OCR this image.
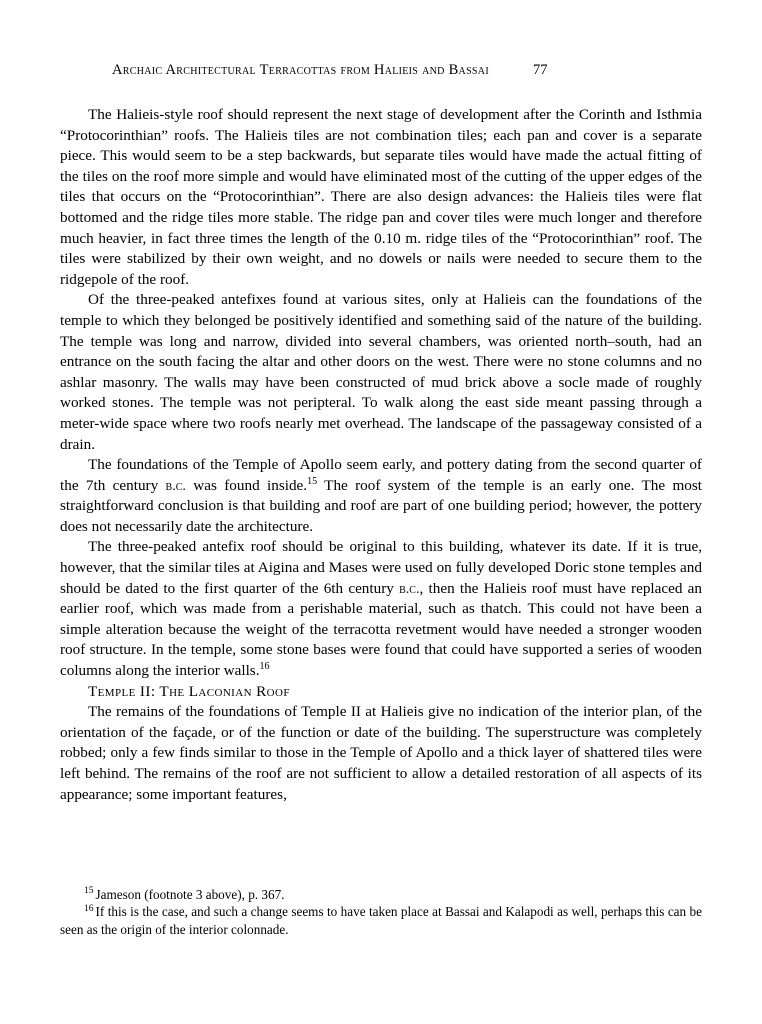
Archaic Architectural Terracottas from Halieis and Bassai	77

The Halieis-style roof should represent the next stage of development after the Corinth and Isthmia “Protocorinthian” roofs. The Halieis tiles are not combination tiles; each pan and cover is a separate piece. This would seem to be a step backwards, but separate tiles would have made the actual fitting of the tiles on the roof more simple and would have eliminated most of the cutting of the upper edges of the tiles that occurs on the “Protocorinthian”. There are also design advances: the Halieis tiles were flat bottomed and the ridge tiles more stable. The ridge pan and cover tiles were much longer and therefore much heavier, in fact three times the length of the 0.10 m. ridge tiles of the “Protocorinthian” roof. The tiles were stabilized by their own weight, and no dowels or nails were needed to secure them to the ridgepole of the roof.

Of the three-peaked antefixes found at various sites, only at Halieis can the foundations of the temple to which they belonged be positively identified and something said of the nature of the building. The temple was long and narrow, divided into several chambers, was oriented north–south, had an entrance on the south facing the altar and other doors on the west. There were no stone columns and no ashlar masonry. The walls may have been constructed of mud brick above a socle made of roughly worked stones. The temple was not peripteral. To walk along the east side meant passing through a meter-wide space where two roofs nearly met overhead. The landscape of the passageway consisted of a drain.

The foundations of the Temple of Apollo seem early, and pottery dating from the second quarter of the 7th century b.c. was found inside.$^{15}$ The roof system of the temple is an early one. The most straightforward conclusion is that building and roof are part of one building period; however, the pottery does not necessarily date the architecture.

The three-peaked antefix roof should be original to this building, whatever its date. If it is true, however, that the similar tiles at Aigina and Mases were used on fully developed Doric stone temples and should be dated to the first quarter of the 6th century b.c., then the Halieis roof must have replaced an earlier roof, which was made from a perishable material, such as thatch. This could not have been a simple alteration because the weight of the terracotta revetment would have needed a stronger wooden roof structure. In the temple, some stone bases were found that could have supported a series of wooden columns along the interior walls.$^{16}$

Temple II: The Laconian Roof

The remains of the foundations of Temple II at Halieis give no indication of the interior plan, of the orientation of the façade, or of the function or date of the building. The superstructure was completely robbed; only a few finds similar to those in the Temple of Apollo and a thick layer of shattered tiles were left behind. The remains of the roof are not sufficient to allow a detailed restoration of all aspects of its appearance; some important features,

$^{15}$ Jameson (footnote 3 above), p. 367.

$^{16}$ If this is the case, and such a change seems to have taken place at Bassai and Kalapodi as well, perhaps this can be seen as the origin of the interior colonnade.
